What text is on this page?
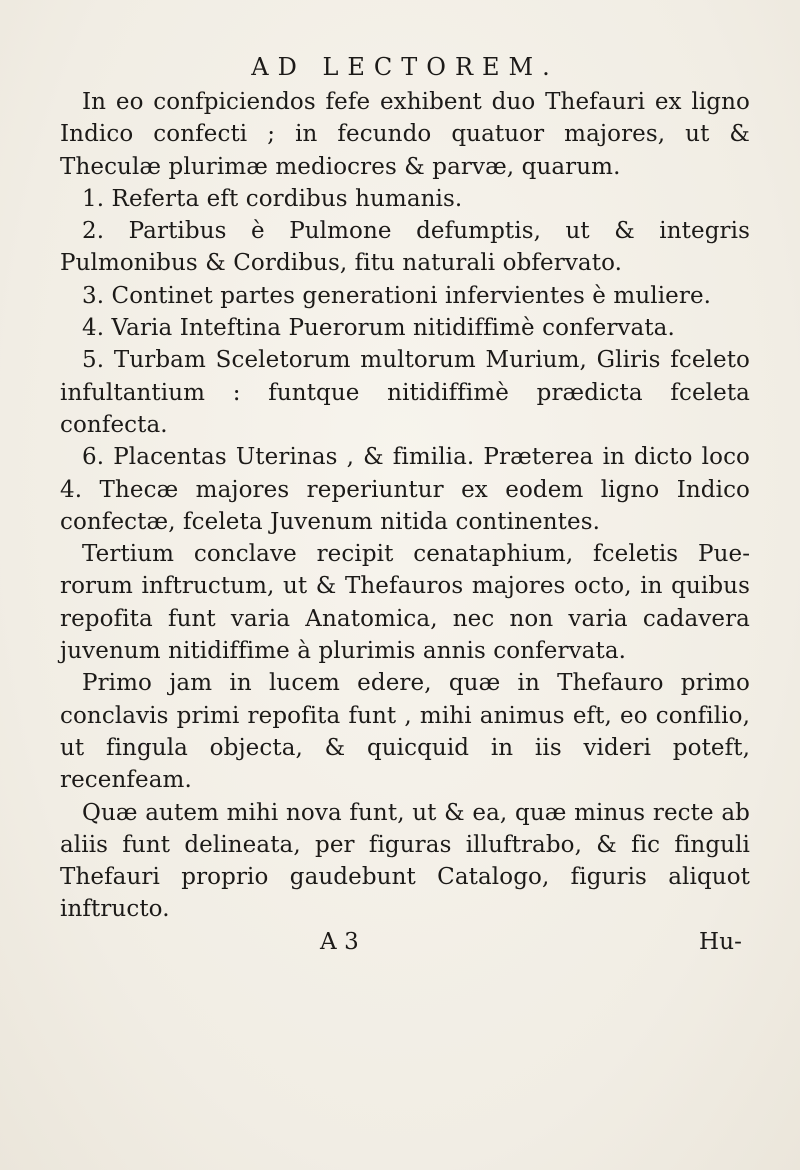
AD LECTOREM.

In eo confpiciendos fefe exhibent duo Thefauri ex ligno Indico confecti ; in fecundo quatuor majores, ut & Theculæ plurimæ mediocres & parvæ, quarum.

1. Referta eft cordibus humanis.

2. Partibus è Pulmone defumptis, ut & integris Pulmonibus & Cordibus, fitu naturali obfervato.

3. Continet partes generationi infervientes è muliere.

4. Varia Inteftina Puerorum nitidiffimè confervata.

5. Turbam Sceletorum multorum Murium, Gliris fceleto infultantium : funtque nitidiffimè prædicta fceleta confecta.

6. Placentas Uterinas , & fimilia. Præterea in dicto loco 4. Thecæ majores reperiuntur ex eodem ligno Indico confectæ, fceleta Juvenum nitida continentes.

Tertium conclave recipit cenataphium, fceletis Puerorum inftructum, ut & Thefauros majores octo, in quibus repofita funt varia Anatomica, nec non varia cadavera juvenum nitidiffime à plurimis annis confervata.

Primo jam in lucem edere, quæ in Thefauro primo conclavis primi repofita funt , mihi animus eft, eo confilio, ut fingula objecta, & quicquid in iis videri poteft, recenfeam.

Quæ autem mihi nova funt, ut & ea, quæ minus recte ab aliis funt delineata, per figuras illuftrabo, & fic finguli Thefauri proprio gaudebunt Catalogo, figuris aliquot inftructo.

A 3	Hu-
